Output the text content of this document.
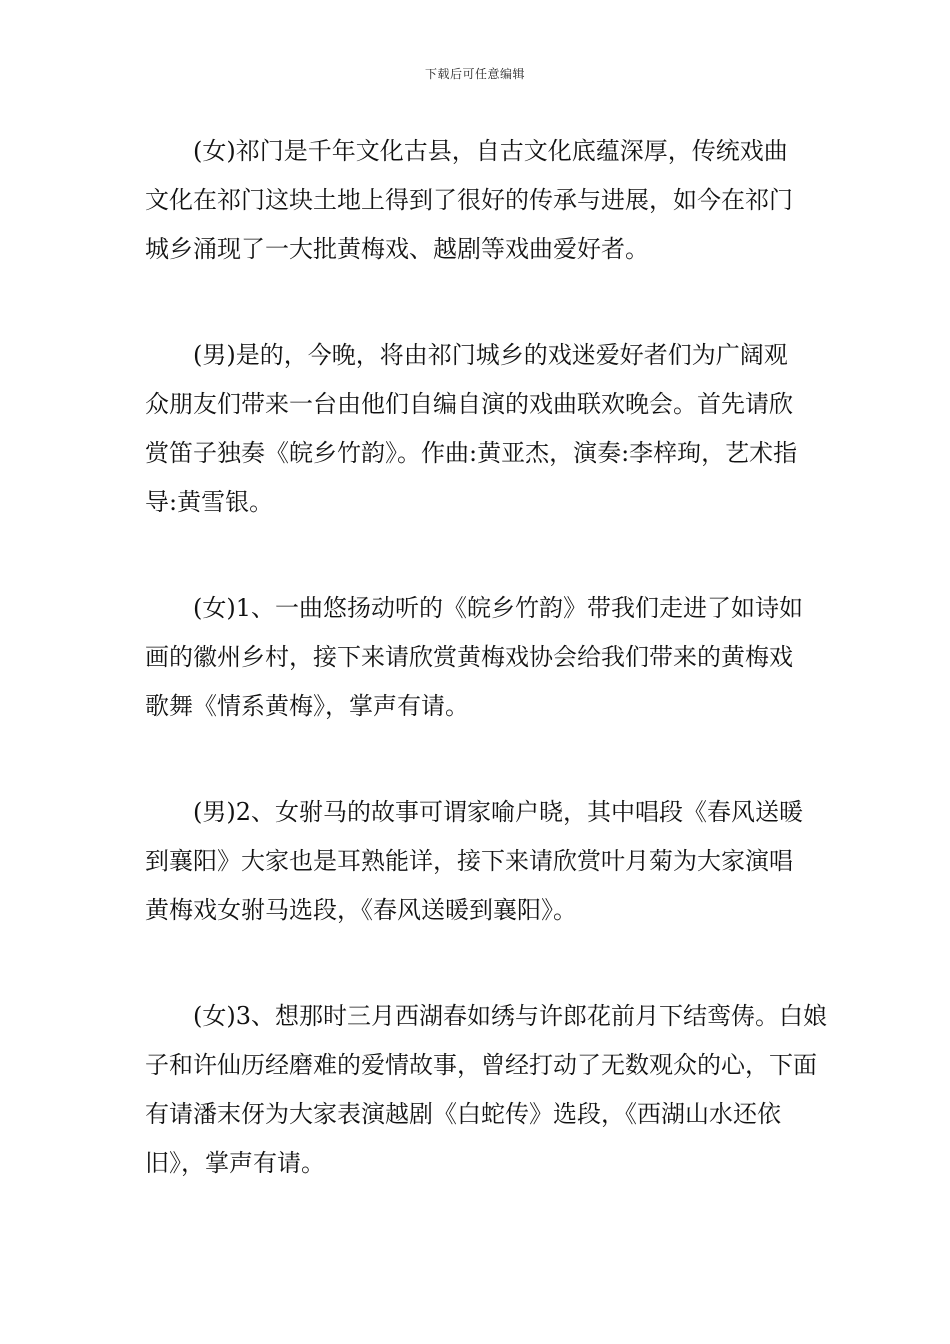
下载后可任意编辑

(女)祁门是千年文化古县，自古文化底蕴深厚，传统戏曲文化在祁门这块土地上得到了很好的传承与进展，如今在祁门城乡涌现了一大批黄梅戏、越剧等戏曲爱好者。

(男)是的，今晚，将由祁门城乡的戏迷爱好者们为广阔观众朋友们带来一台由他们自编自演的戏曲联欢晚会。首先请欣赏笛子独奏《皖乡竹韵》。作曲:黄亚杰，演奏:李梓珣，艺术指导:黄雪银。

(女)1、一曲悠扬动听的《皖乡竹韵》带我们走进了如诗如画的徽州乡村，接下来请欣赏黄梅戏协会给我们带来的黄梅戏歌舞《情系黄梅》，掌声有请。

(男)2、女驸马的故事可谓家喻户晓，其中唱段《春风送暖到襄阳》大家也是耳熟能详，接下来请欣赏叶月菊为大家演唱黄梅戏女驸马选段，《春风送暖到襄阳》。

(女)3、想那时三月西湖春如绣与许郎花前月下结鸾俦。白娘子和许仙历经磨难的爱情故事，曾经打动了无数观众的心，下面有请潘末伢为大家表演越剧《白蛇传》选段，《西湖山水还依旧》，掌声有请。
